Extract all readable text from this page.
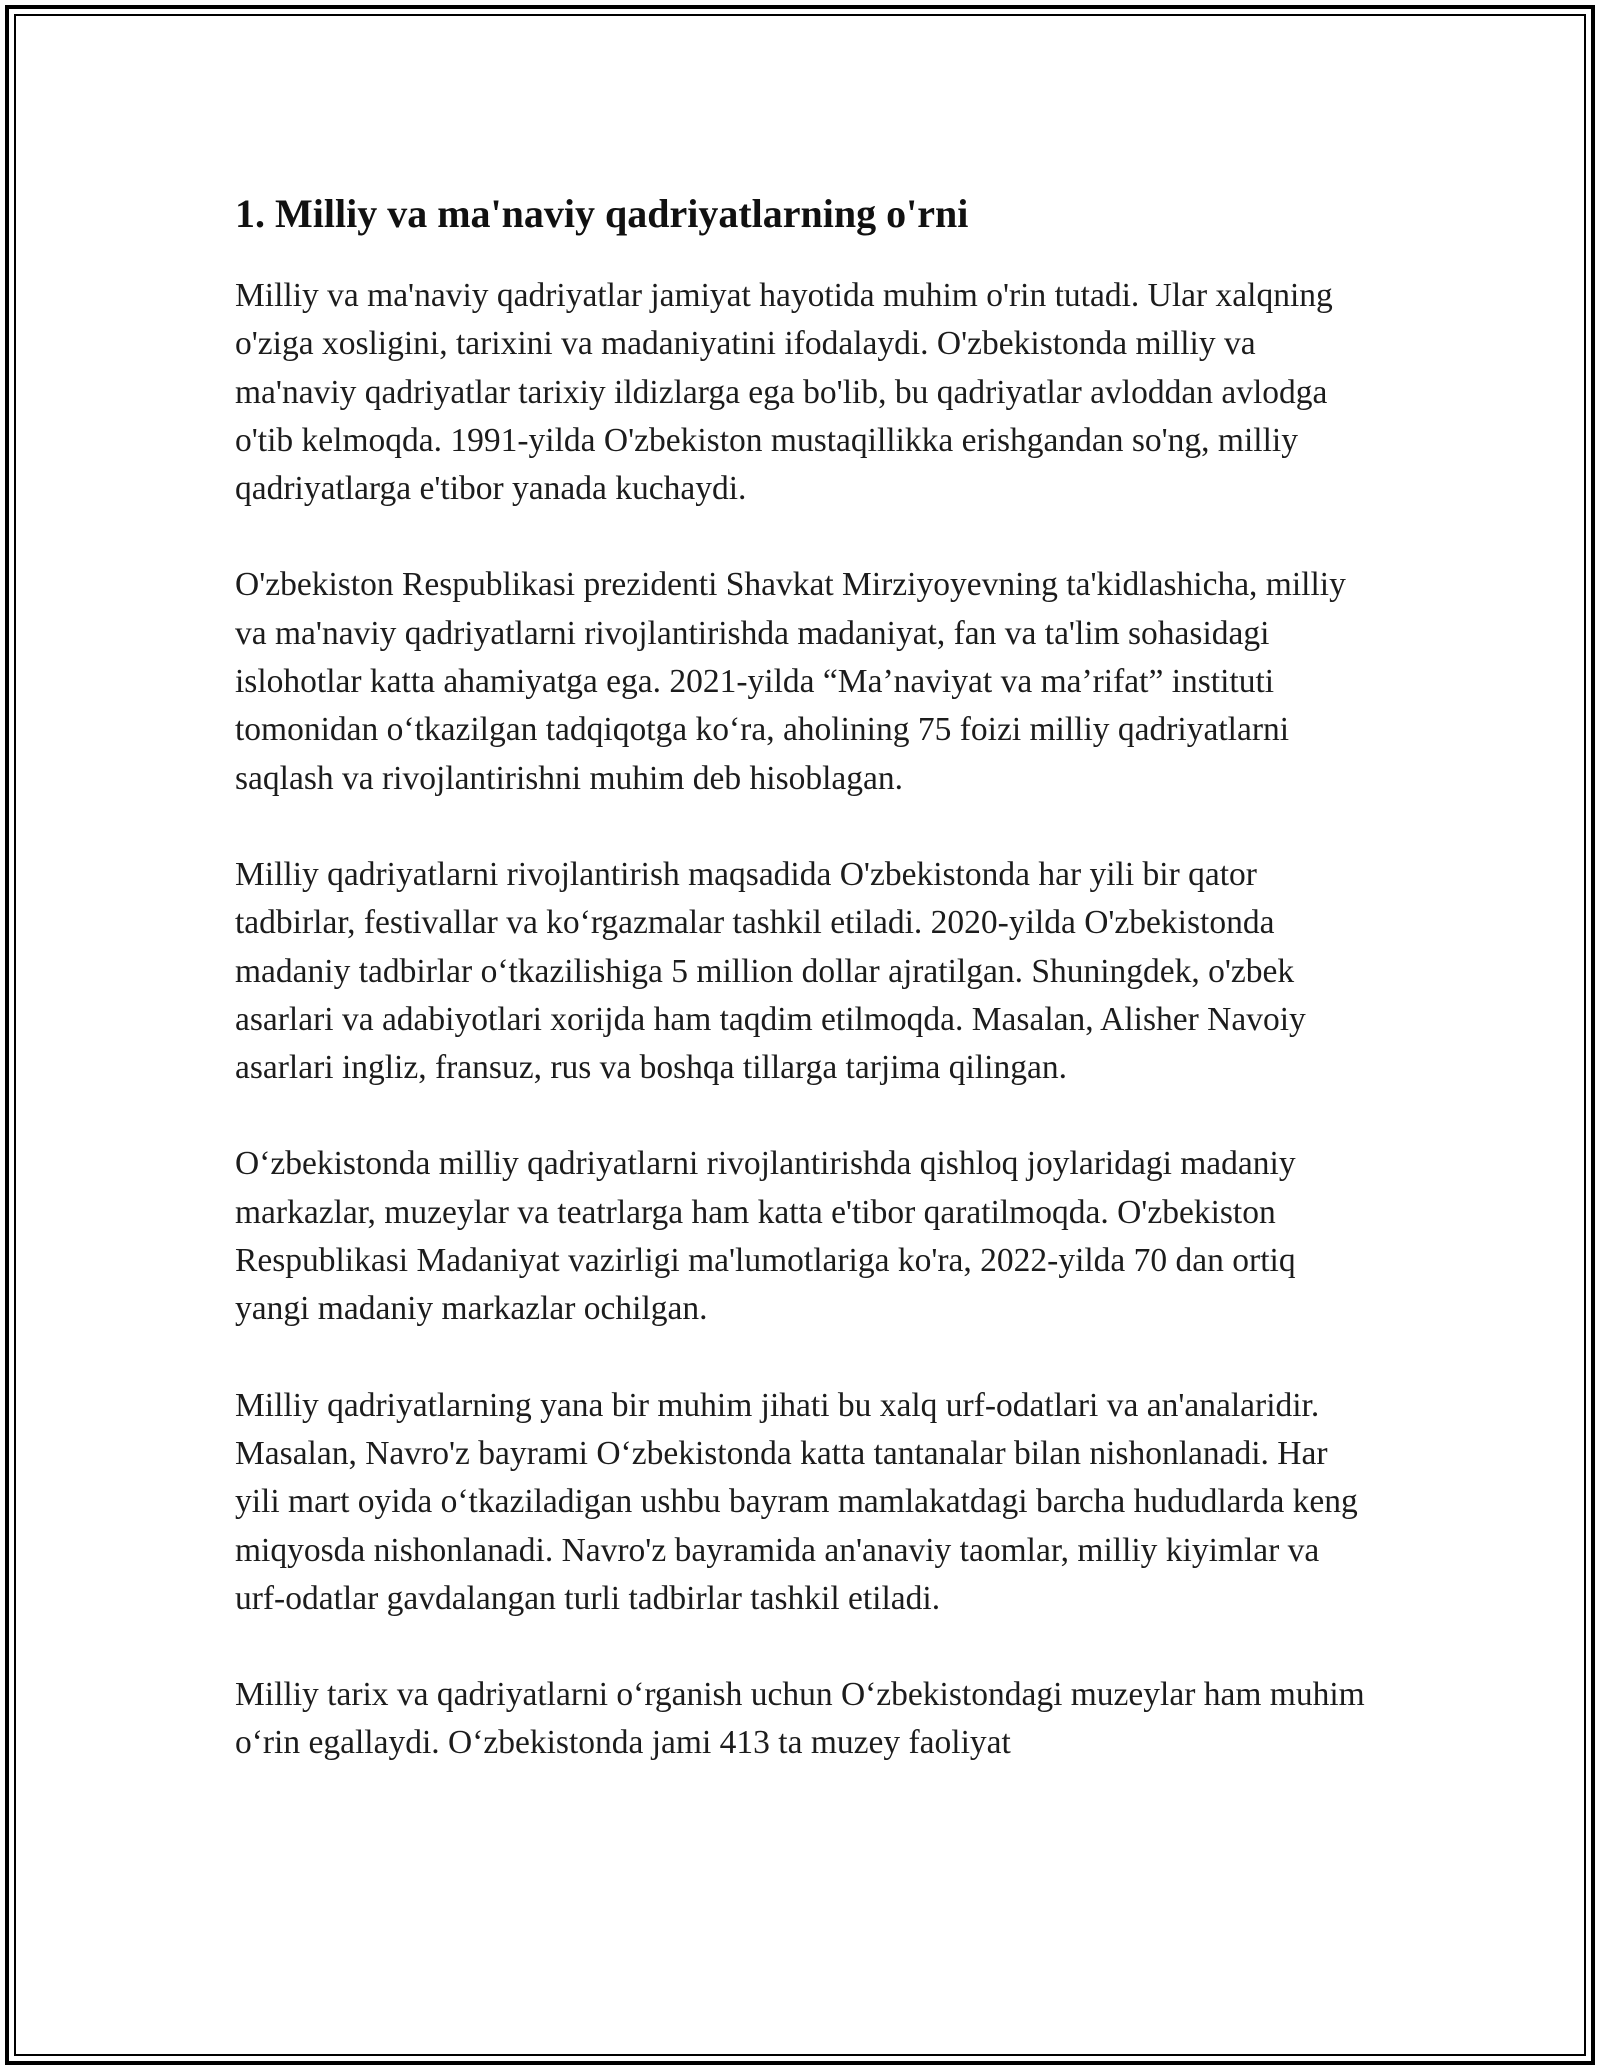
1. Milliy va ma'naviy qadriyatlarning o'rni

Milliy va ma'naviy qadriyatlar jamiyat hayotida muhim o'rin tutadi. Ular xalqning o'ziga xosligini, tarixini va madaniyatini ifodalaydi. O'zbekistonda milliy va ma'naviy qadriyatlar tarixiy ildizlarga ega bo'lib, bu qadriyatlar avloddan avlodga o'tib kelmoqda. 1991-yilda O'zbekiston mustaqillikka erishgandan so'ng, milliy qadriyatlarga e'tibor yanada kuchaydi.

O'zbekiston Respublikasi prezidenti Shavkat Mirziyoyevning ta'kidlashicha, milliy va ma'naviy qadriyatlarni rivojlantirishda madaniyat, fan va ta'lim sohasidagi islohotlar katta ahamiyatga ega. 2021-yilda “Ma’naviyat va ma’rifat” instituti tomonidan o‘tkazilgan tadqiqotga ko‘ra, aholining 75 foizi milliy qadriyatlarni saqlash va rivojlantirishni muhim deb hisoblagan.

Milliy qadriyatlarni rivojlantirish maqsadida O'zbekistonda har yili bir qator tadbirlar, festivallar va ko‘rgazmalar tashkil etiladi. 2020-yilda O'zbekistonda madaniy tadbirlar o‘tkazilishiga 5 million dollar ajratilgan. Shuningdek, o'zbek asarlari va adabiyotlari xorijda ham taqdim etilmoqda. Masalan, Alisher Navoiy asarlari ingliz, fransuz, rus va boshqa tillarga tarjima qilingan.

O‘zbekistonda milliy qadriyatlarni rivojlantirishda qishloq joylaridagi madaniy markazlar, muzeylar va teatrlarga ham katta e'tibor qaratilmoqda. O'zbekiston Respublikasi Madaniyat vazirligi ma'lumotlariga ko'ra, 2022-yilda 70 dan ortiq yangi madaniy markazlar ochilgan.

Milliy qadriyatlarning yana bir muhim jihati bu xalq urf-odatlari va an'analaridir. Masalan, Navro'z bayrami O‘zbekistonda katta tantanalar bilan nishonlanadi. Har yili mart oyida o‘tkaziladigan ushbu bayram mamlakatdagi barcha hududlarda keng miqyosda nishonlanadi. Navro'z bayramida an'anaviy taomlar, milliy kiyimlar va urf-odatlar gavdalangan turli tadbirlar tashkil etiladi.

Milliy tarix va qadriyatlarni o‘rganish uchun O‘zbekistondagi muzeylar ham muhim o‘rin egallaydi. O‘zbekistonda jami 413 ta muzey faoliyat
